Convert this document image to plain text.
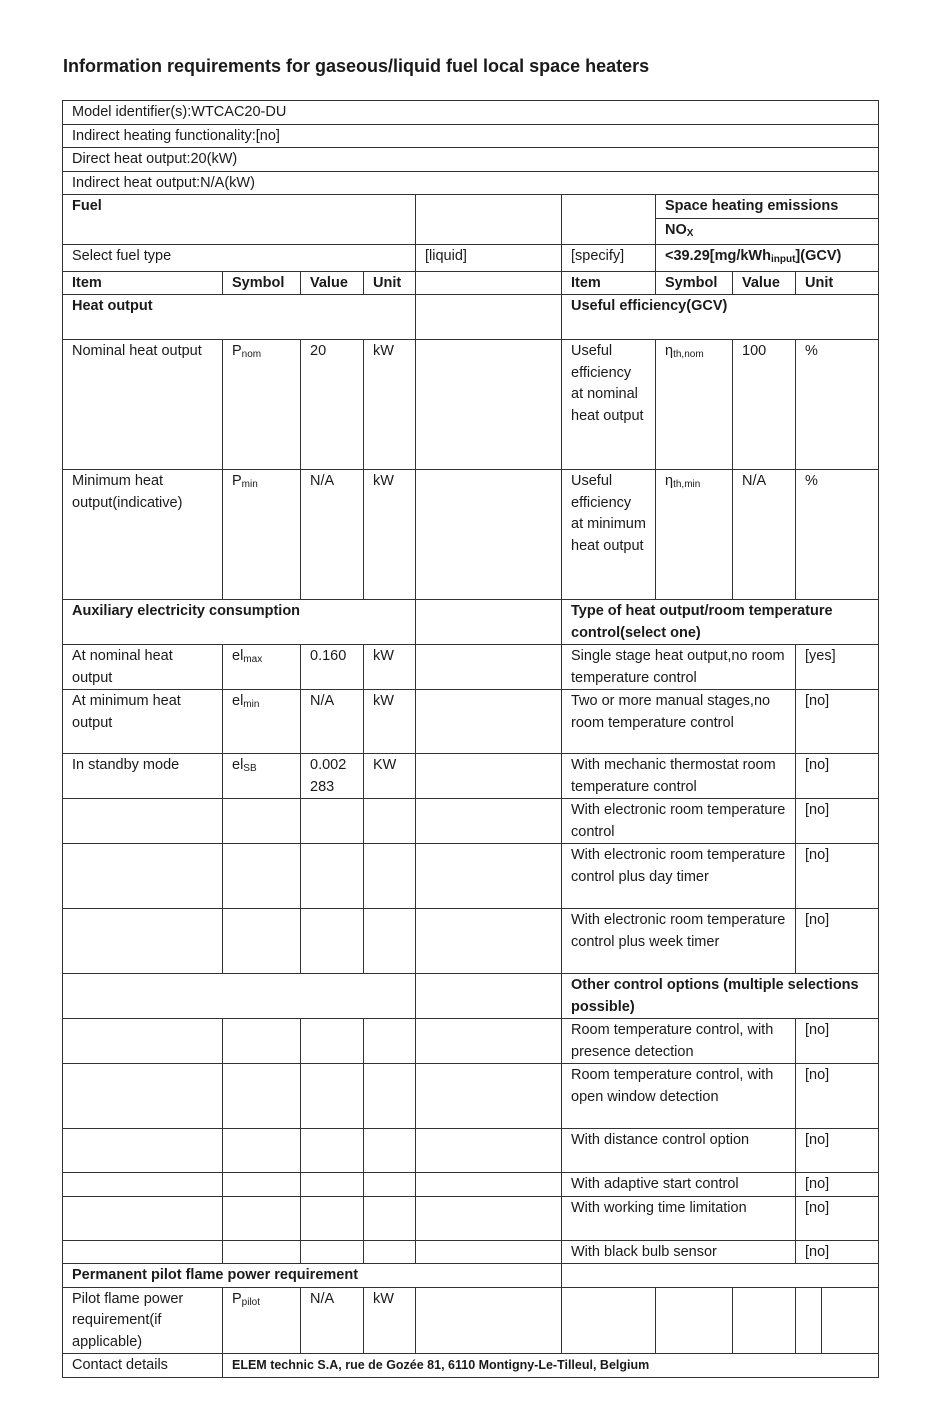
Information requirements for gaseous/liquid fuel local space heaters
Model identifier(s):WTCAC20-DU									
Indirect heating functionality:[no]									
Direct heat output:20(kW)									
Indirect heat output:N/A(kW)									
Fuel						Space heating emissions			
						$NO_X$
Select fuel type				[liquid]	[specify]	<39.29[mg/kWh$_{input}$](GCV)			
Item	Symbol	Value	Unit		Item	Symbol	Value	Unit	
Heat output					Useful efficiency(GCV)				
Nominal heat output	$P_{nom}$	20	kW		Useful efficiency at nominal heat output	$\eta_{th,nom}$	100	%	
Minimum heat output(indicative)	$P_{min}$	N/A	kW		Useful efficiency at minimum heat output	$\eta_{th,min}$	N/A	%	
Auxiliary electricity consumption					Type of heat output/room temperature control(select one)				
At nominal heat output	$el_{max}$	0.160	kW		Single stage heat output,no room temperature control			[yes]	
At minimum heat output	$el_{min}$	N/A	kW		Two or more manual stages,no room temperature control			[no]	
In standby mode	$el_{SB}$	0.002 283	KW		With mechanic thermostat room temperature control			[no]	
					With electronic room temperature control			[no]	
					With electronic room temperature control plus day timer			[no]	
					With electronic room temperature control plus week timer			[no]	
					Other control options (multiple selections possible)				
					Room temperature control, with presence detection			[no]	
					Room temperature control, with open window detection			[no]	
					With distance control option			[no]	
					With adaptive start control			[no]	
					With working time limitation			[no]	
					With black bulb sensor			[no]	
Permanent pilot flame power requirement									
Pilot flame power requirement(if applicable)	$P_{pilot}$	N/A	kW						
Contact details	ELEM technic S.A, rue de Gozée 81, 6110 Montigny-Le-Tilleul, Belgium								
